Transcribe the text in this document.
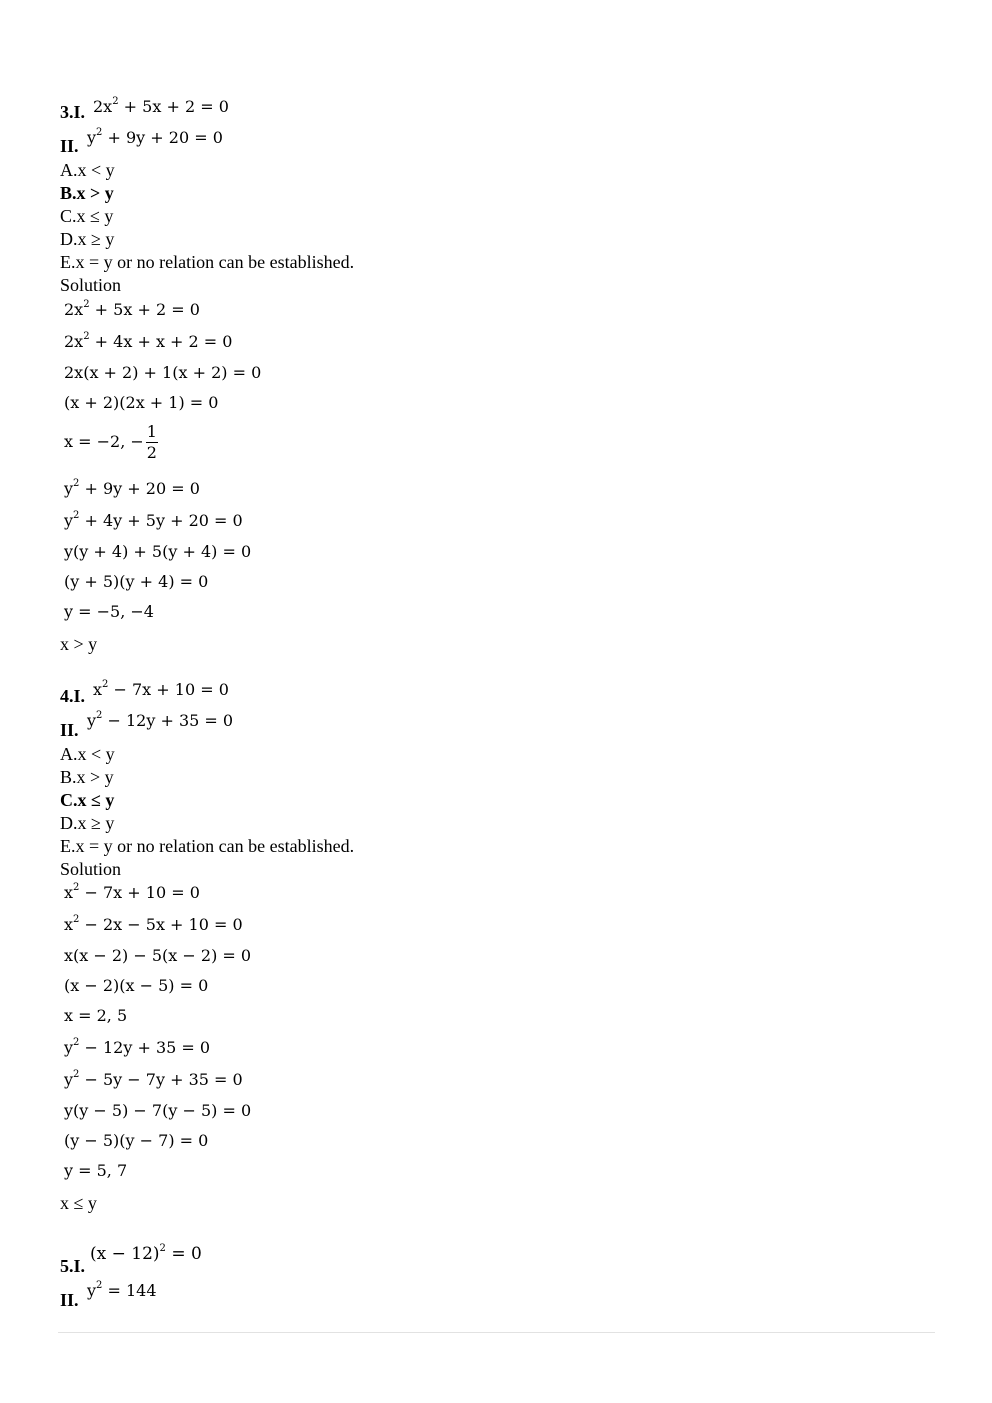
3.I. $2x^2 + 5x + 2 = 0$
II. $y^2 + 9y + 20 = 0$
A.x < y
B.x > y
C.x ≤ y
D.x ≥ y
E.x = y or no relation can be established.
Solution
$2x^2 + 5x + 2 = 0$
$2x^2 + 4x + x + 2 = 0$
2x(x + 2) + 1(x + 2) = 0
(x + 2)(2x + 1) = 0
x = −2, − $\frac{1}{2}$
$y^2 + 9y + 20 = 0$
$y^2 + 4y + 5y + 20 = 0$
y(y + 4) + 5(y + 4) = 0
(y + 5)(y + 4) = 0
y = −5, −4
x > y
4.I. $x^2 - 7x + 10 = 0$
II. $y^2 - 12y + 35 = 0$
A.x < y
B.x > y
C.x ≤ y
D.x ≥ y
E.x = y or no relation can be established.
Solution
$x^2 - 7x + 10 = 0$
$x^2 - 2x - 5x + 10 = 0$
x(x − 2) − 5(x − 2) = 0
(x − 2)(x − 5) = 0
x = 2, 5
$y^2 - 12y + 35 = 0$
$y^2 - 5y - 7y + 35 = 0$
y(y − 5) − 7(y − 5) = 0
(y − 5)(y − 7) = 0
y = 5, 7
x ≤ y
5.I.
$(x - 12)^2 = 0$
II. $y^2 = 144$
